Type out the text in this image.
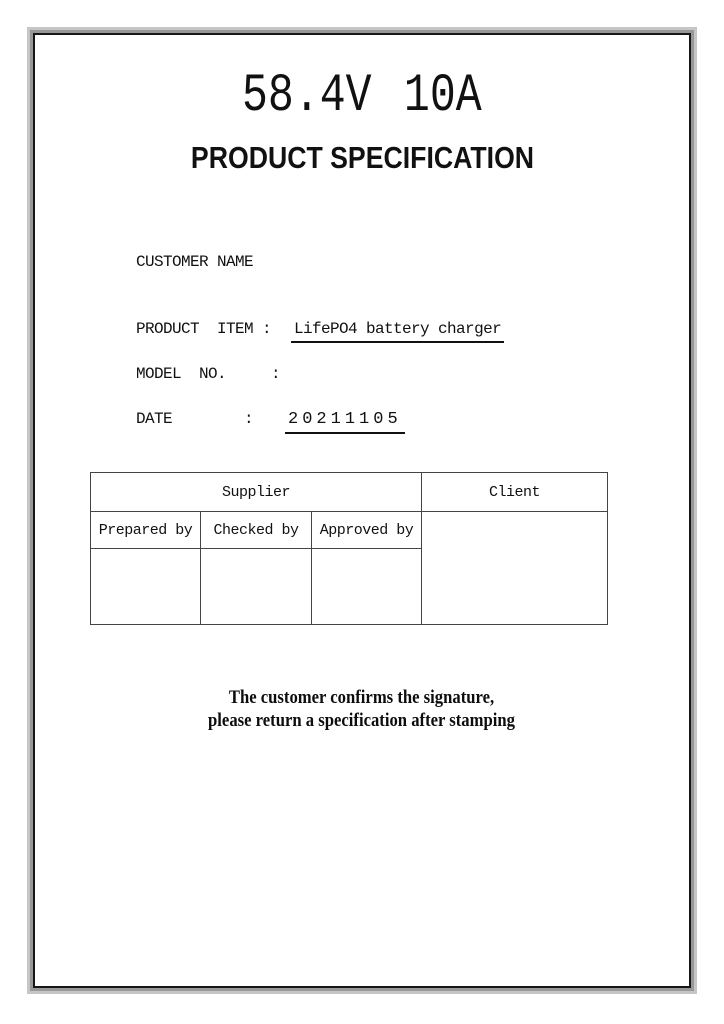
58.4V 10A
PRODUCT SPECIFICATION
CUSTOMER NAME
PRODUCT  ITEM : LifePO4 battery charger
MODEL  NO.     :
DATE        : 20211105
Supplier			Client
Prepared by	Checked by	Approved by	

The customer confirms the signature,
please return a specification after stamping
